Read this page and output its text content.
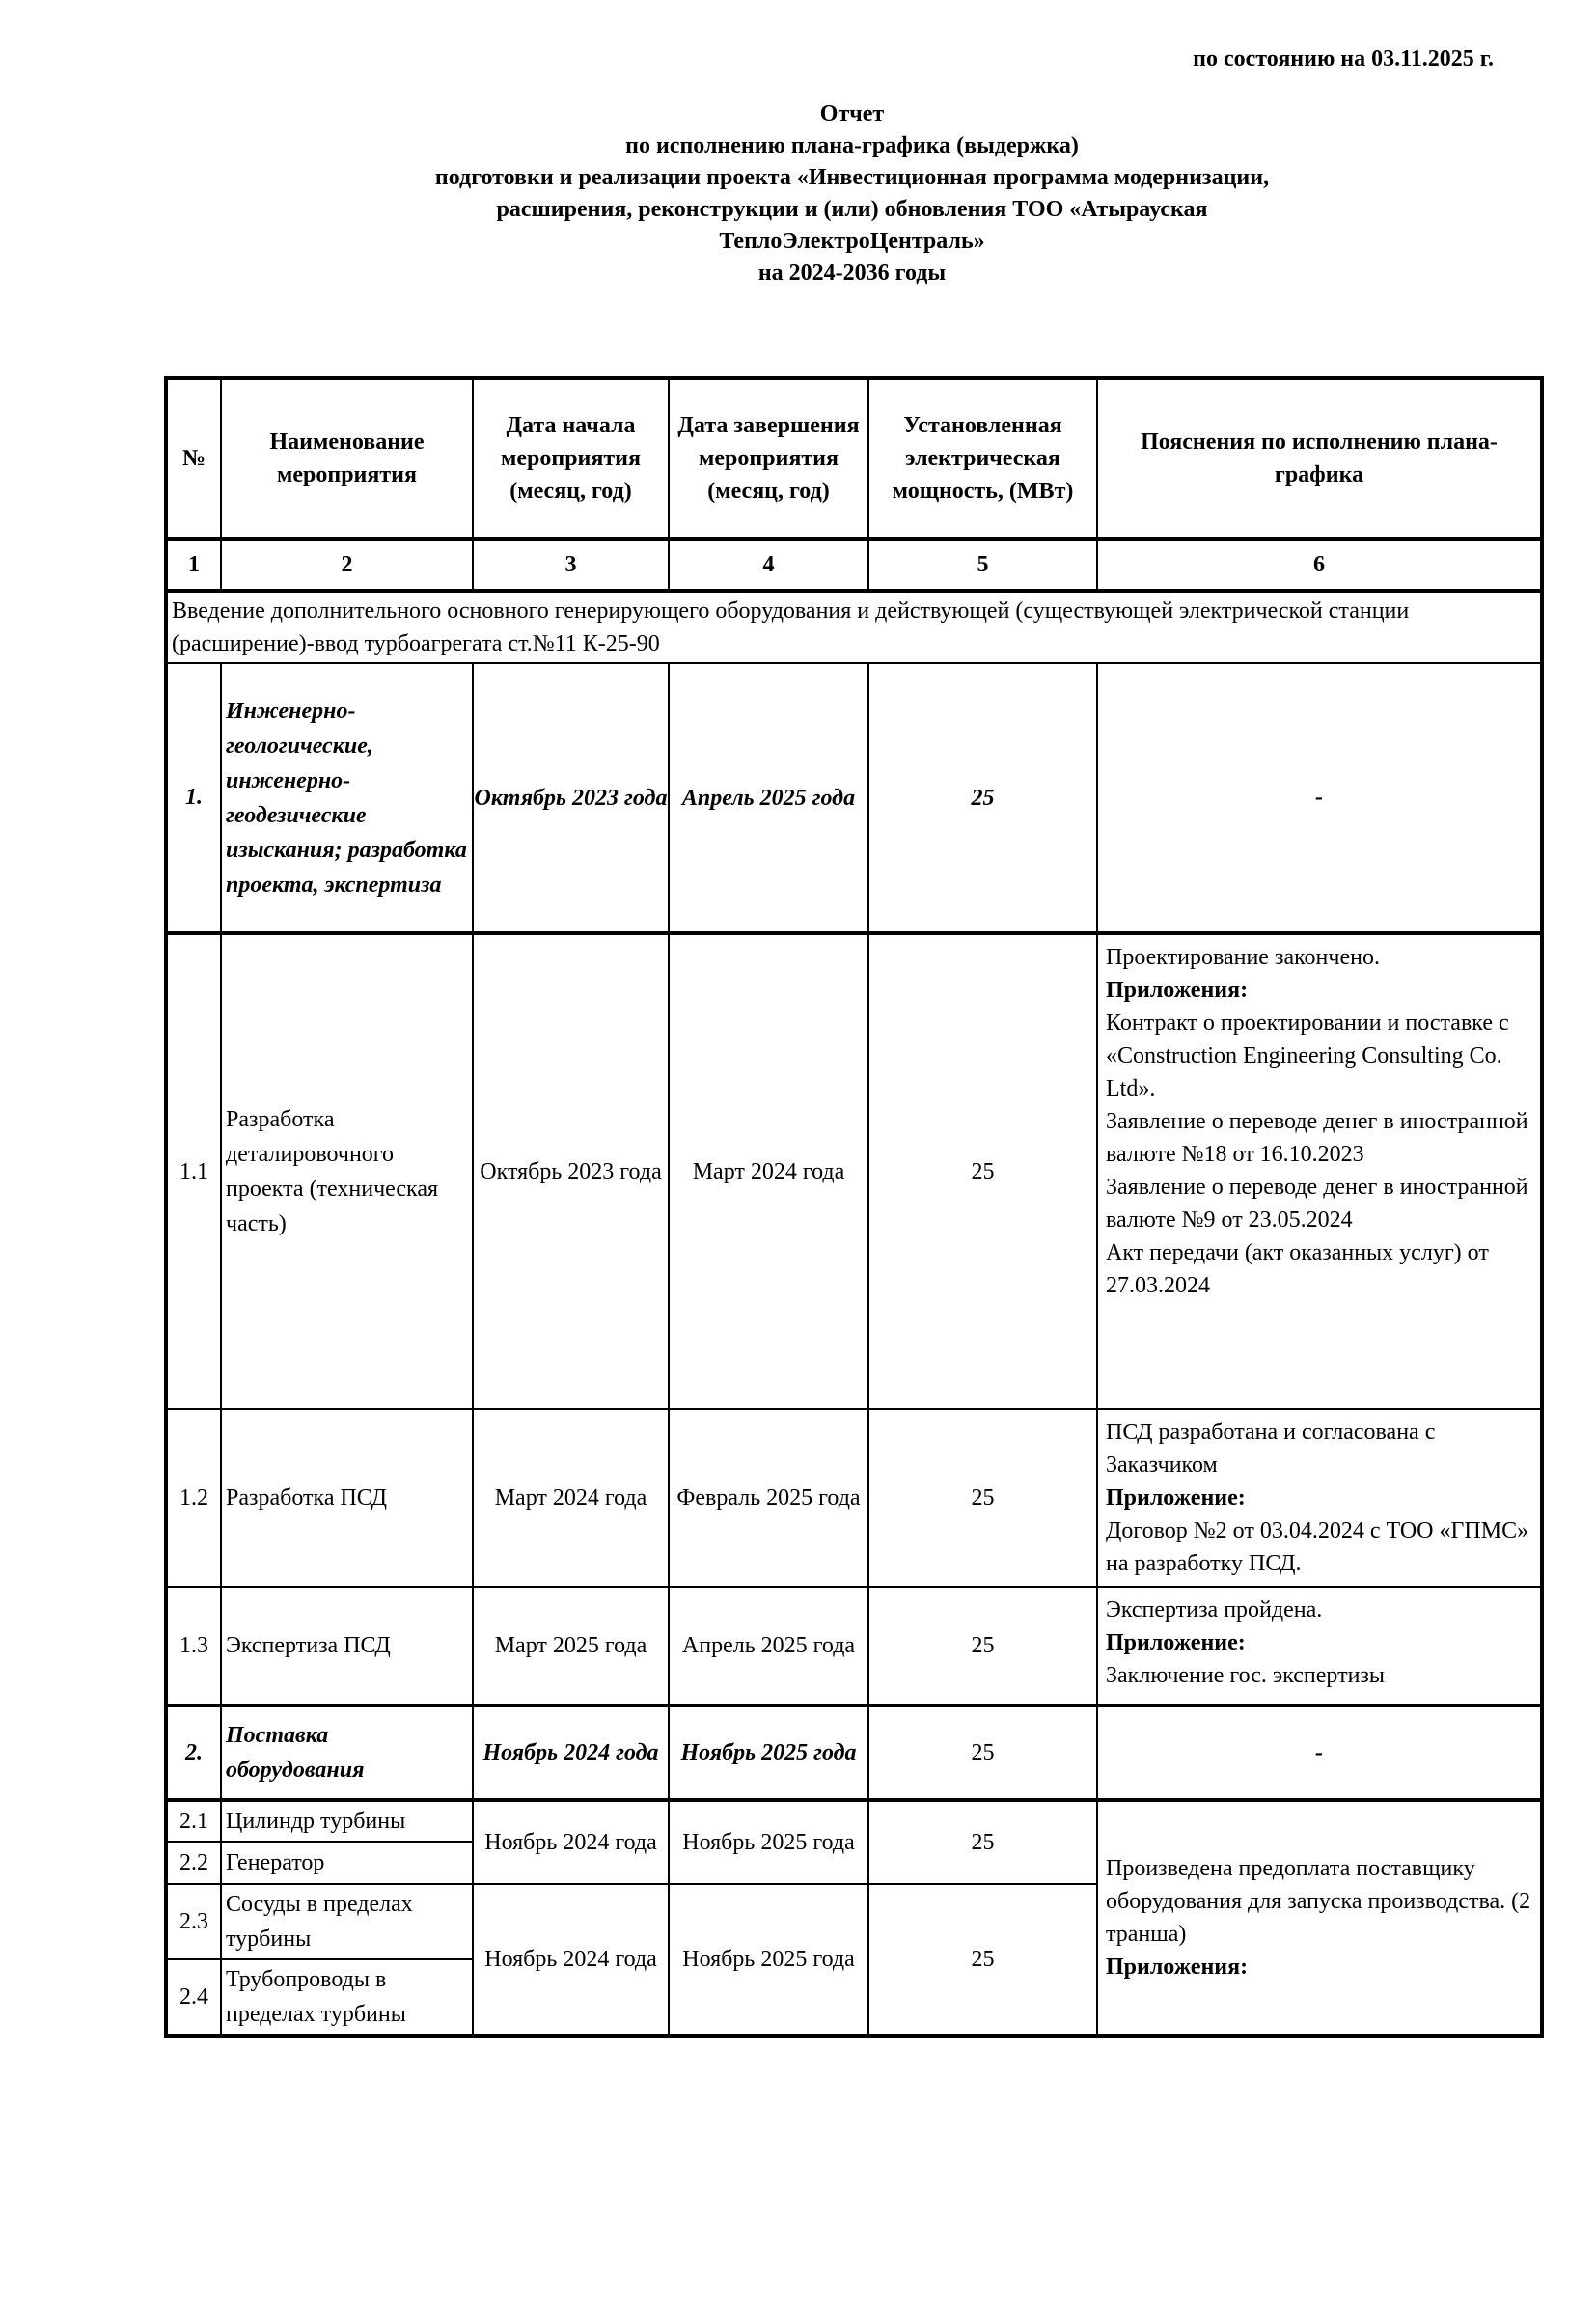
по состоянию на 03.11.2025 г.
Отчет
по исполнению плана-графика (выдержка)
подготовки и реализации проекта «Инвестиционная программа модернизации,
расширения, реконструкции и (или) обновления ТОО «Атырауская
ТеплоЭлектроЦентраль»
на 2024-2036 годы
№	Наименование мероприятия	Дата начала мероприятия (месяц, год)	Дата завершения мероприятия (месяц, год)	Установленная электрическая мощность, (МВт)	Пояснения по исполнению плана-графика
1	2	3	4	5	6
Введение дополнительного основного генерирующего оборудования и действующей (существующей электрической станции (расширение)-ввод турбоагрегата ст.№11 К-25-90					
1.	Инженерно-геологические, инженерно-геодезические изыскания; разработка проекта, экспертиза	Октябрь 2023 года	Апрель 2025 года	25	-
1.1	Разработка деталировочного проекта (техническая часть)	Октябрь 2023 года	Март 2024 года	25	
Проектирование закончено.
Приложения:
Контракт о проектировании и поставке с «Construction Engineering Consulting Co. Ltd».
Заявление о переводе денег в иностранной валюте №18 от 16.10.2023
Заявление о переводе денег в иностранной валюте №9 от 23.05.2024
Акт передачи (акт оказанных услуг) от 27.03.2024

1.2	Разработка ПСД	Март 2024 года	Февраль 2025 года	25	ПСД разработана и согласована с Заказчиком
Приложение:
Договор №2 от 03.04.2024 с ТОО «ГПМС» на разработку ПСД.

1.3	Экспертиза ПСД	Март 2025 года	Апрель 2025 года	25	Экспертиза пройдена.
Приложение:
Заключение гос. экспертизы

2.	Поставка оборудования	Ноябрь 2024 года	Ноябрь 2025 года	25	-
2.1	Цилиндр турбины	Ноябрь 2024 года	Ноябрь 2025 года	25	Произведена предоплата поставщику оборудования для запуска производства. (2 транша)
Приложения:

2.2	Генератор				
2.3	Сосуды в пределах турбины	Ноябрь 2024 года	Ноябрь 2025 года	25	
2.4	Трубопроводы в пределах турбины				
